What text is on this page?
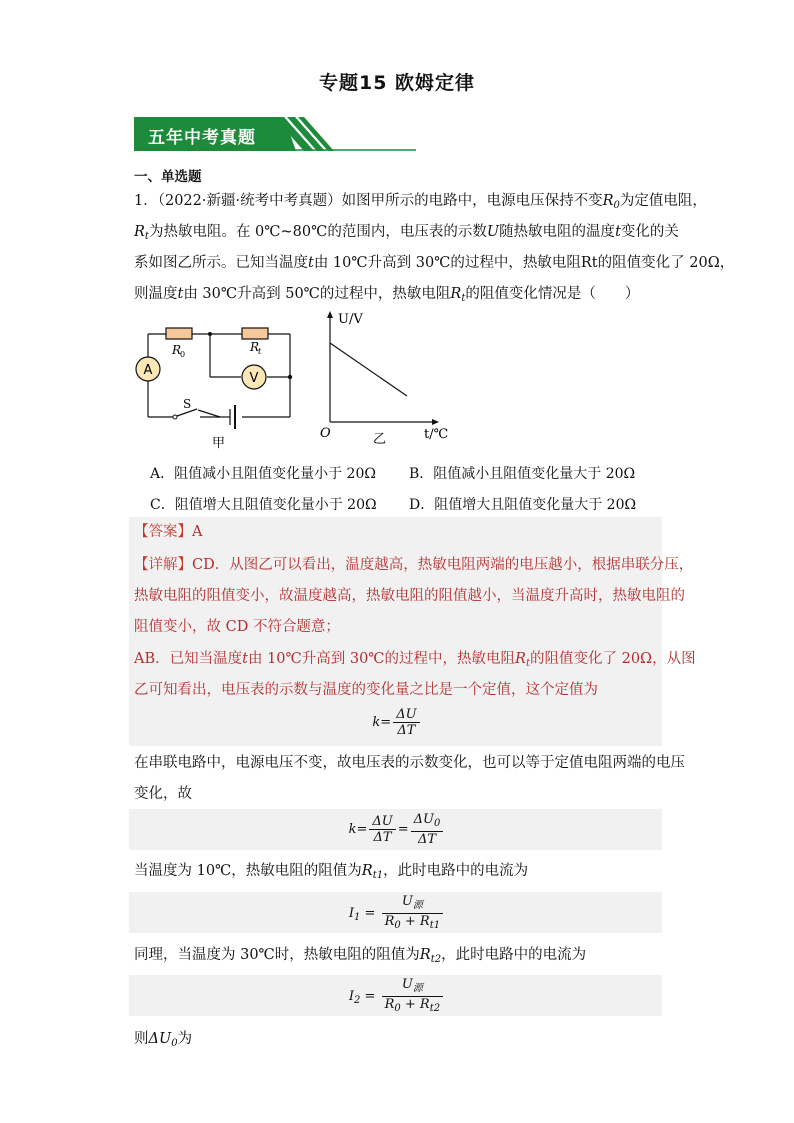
专题15 欧姆定律
五年中考真题
一、单选题
1．（2022·新疆·统考中考真题）如图甲所示的电路中，电源电压保持不变$R_0$为定值电阻，
$R_t$为热敏电阻。在 0℃~80℃的范围内，电压表的示数U随热敏电阻的温度t变化的关
系如图乙所示。已知当温度t由 10℃升高到 30℃的过程中，热敏电阻Rt的阻值变化了 20Ω，
则温度t由 30℃升高到 50℃的过程中，热敏电阻$R_t$的阻值变化情况是（　　）
A
V
R
0
R
t
S
甲
U/V
O	乙	t/℃
A．阻值减小且阻值变化量小于 20Ω B．阻值减小且阻值变化量大于 20Ω
C．阻值增大且阻值变化量小于 20Ω D．阻值增大且阻值变化量大于 20Ω
【答案】A
【详解】CD．从图乙可以看出，温度越高，热敏电阻两端的电压越小，根据串联分压，
热敏电阻的阻值变小，故温度越高，热敏电阻的阻值越小，当温度升高时，热敏电阻的
阻值变小，故 CD 不符合题意；
AB．已知当温度t由 10℃升高到 30℃的过程中，热敏电阻$R_t$的阻值变化了 20Ω，从图
乙可知看出，电压表的示数与温度的变化量之比是一个定值，这个定值为
$k= \frac{\Delta U}{\Delta T}$
在串联电路中，电源电压不变，故电压表的示数变化，也可以等于定值电阻两端的电压
变化，故
$k= \frac{\Delta U}{\Delta T} = \frac{\Delta U_0}{\Delta T}$
当温度为 10℃，热敏电阻的阻值为$R_{t1}$，此时电路中的电流为
$I_1 = \frac{U_源}{R_0 + R_{t1}}$
同理，当温度为 30℃时，热敏电阻的阻值为$R_{t2}$，此时电路中的电流为
$I_2 = \frac{U_源}{R_0 + R_{t2}}$
则$\Delta U_0$为
